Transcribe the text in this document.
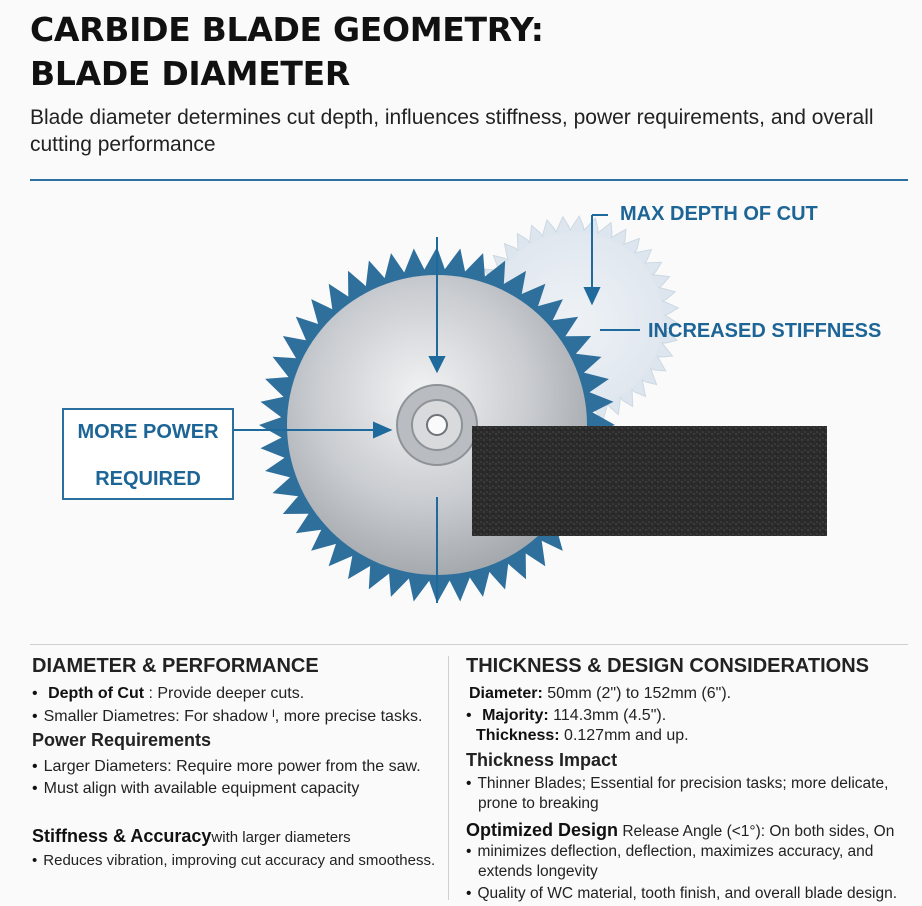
CARBIDE BLADE GEOMETRY:
BLADE DIAMETER
Blade diameter determines cut depth, influences stiffness, power requirements, and overall cutting performance
MAX DEPTH OF CUT
INCREASED STIFFNESS
MORE POWER
REQUIRED
DIAMETER & PERFORMANCE
• Depth of Cut : Provide deeper cuts.
• Smaller Diametres: For shadow ᴵ, more precise tasks.
Power Requirements
• Larger Diameters: Require more power from the saw.
• Must align with available equipment capacity
Stiffness & Accuracywith larger diameters
• Reduces vibration, improving cut accuracy and smoothess.
THICKNESS & DESIGN CONSIDERATIONS
Diameter: 50mm (2") to 152mm (6").
• Majority: 114.3mm (4.5").
Thickness: 0.127mm and up.
Thickness Impact
• Thinner Blades; Essential for precision tasks; more delicate,
prone to breaking
Optimized Design Release Angle (<1°): On both sides, On
• minimizes deflection, deflection, maximizes accuracy, and
extends longevity
• Quality of WC material, tooth finish, and overall blade design.
